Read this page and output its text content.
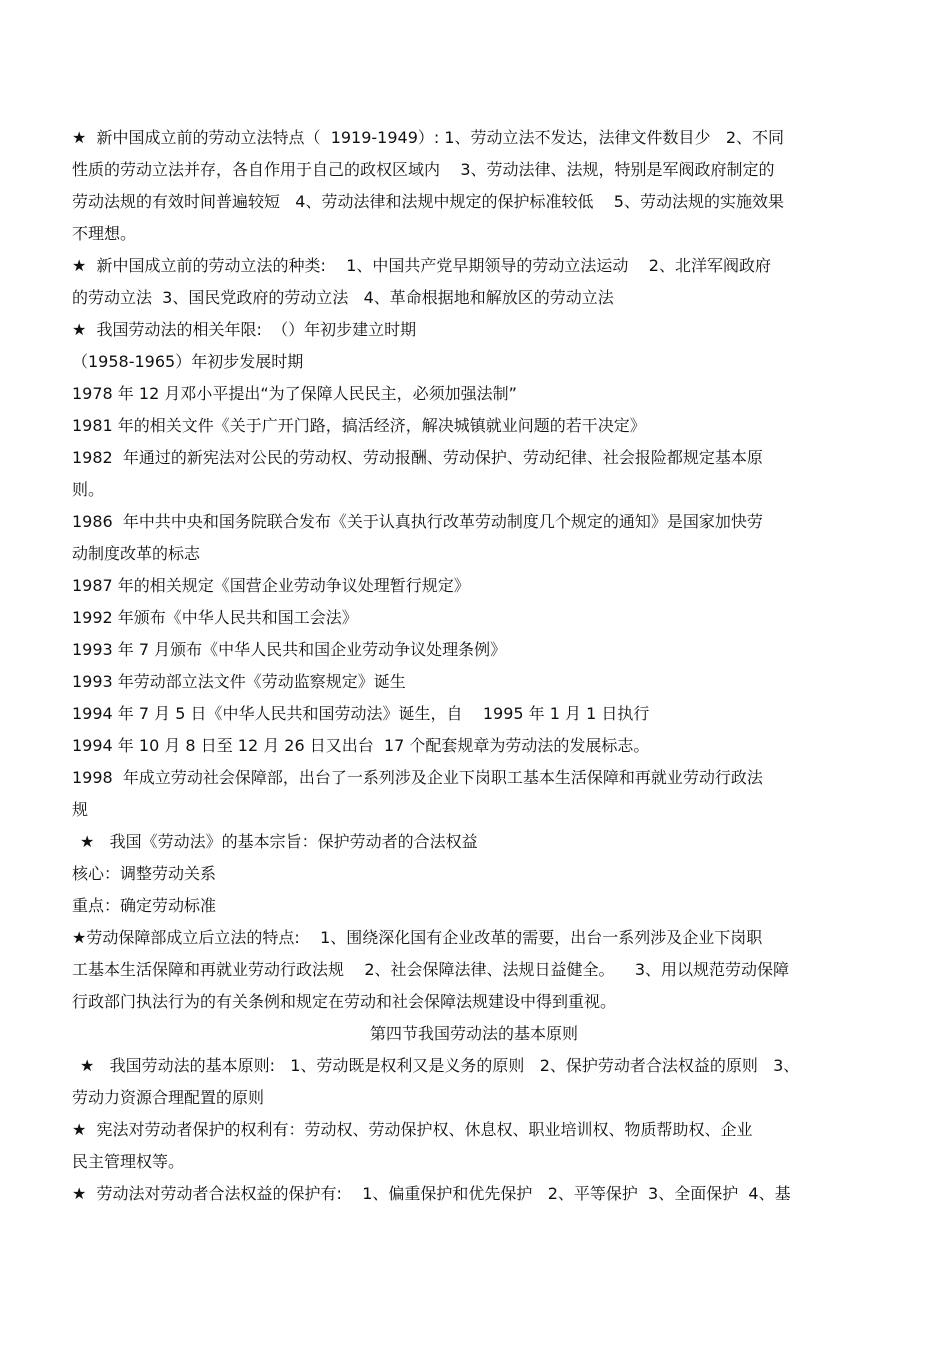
★  新中国成立前的劳动立法特点（  1919-1949）: 1、劳动立法不发达，法律文件数目少   2、不同
性质的劳动立法并存，各自作用于自己的政权区域内    3、劳动法律、法规，特别是军阀政府制定的
劳动法规的有效时间普遍较短   4、劳动法律和法规中规定的保护标准较低    5、劳动法规的实施效果
不理想。
★  新中国成立前的劳动立法的种类:    1、中国共产党早期领导的劳动立法运动    2、北洋军阀政府
的劳动立法  3、国民党政府的劳动立法   4、革命根据地和解放区的劳动立法
★  我国劳动法的相关年限:  （）年初步建立时期
（1958-1965）年初步发展时期
1978 年 12 月邓小平提出“为了保障人民民主，必须加强法制”
1981 年的相关文件《关于广开门路，搞活经济，解决城镇就业问题的若干决定》
1982  年通过的新宪法对公民的劳动权、劳动报酬、劳动保护、劳动纪律、社会报险都规定基本原
则。
1986  年中共中央和国务院联合发布《关于认真执行改革劳动制度几个规定的通知》是国家加快劳
动制度改革的标志
1987 年的相关规定《国营企业劳动争议处理暂行规定》
1992 年颁布《中华人民共和国工会法》
1993 年 7 月颁布《中华人民共和国企业劳动争议处理条例》
1993 年劳动部立法文件《劳动监察规定》诞生
1994 年 7 月 5 日《中华人民共和国劳动法》诞生，自    1995 年 1 月 1 日执行
1994 年 10 月 8 日至 12 月 26 日又出台  17 个配套规章为劳动法的发展标志。
1998  年成立劳动社会保障部，出台了一系列涉及企业下岗职工基本生活保障和再就业劳动行政法
规
★   我国《劳动法》的基本宗旨：保护劳动者的合法权益
核心：调整劳动关系
重点：确定劳动标准
★劳动保障部成立后立法的特点:    1、围绕深化国有企业改革的需要，出台一系列涉及企业下岗职
工基本生活保障和再就业劳动行政法规    2、社会保障法律、法规日益健全。    3、用以规范劳动保障
行政部门执法行为的有关条例和规定在劳动和社会保障法规建设中得到重视。
第四节我国劳动法的基本原则
★   我国劳动法的基本原则:   1、劳动既是权利又是义务的原则   2、保护劳动者合法权益的原则   3、
劳动力资源合理配置的原则
★  宪法对劳动者保护的权利有：劳动权、劳动保护权、休息权、职业培训权、物质帮助权、企业
民主管理权等。
★  劳动法对劳动者合法权益的保护有:    1、偏重保护和优先保护   2、平等保护  3、全面保护  4、基
